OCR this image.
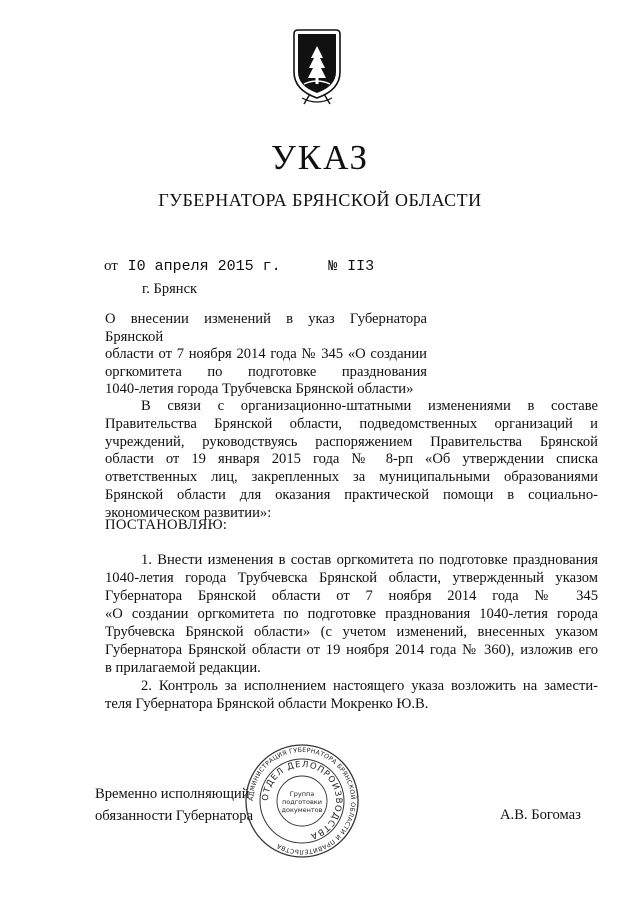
УКАЗ
ГУБЕРНАТОРА БРЯНСКОЙ ОБЛАСТИ
от I0 апреля 2015 г.	№ II3
г. Брянск

О внесении изменений в указ Губернатора Брянской

области от 7 ноября 2014 года № 345 «О создании

оргкомитета по подготовке празднования

1040-летия города Трубчевска Брянской области»

В связи с организационно-штатными изменениями в составе

Правительства Брянской области, подведомственных организаций и

учреждений, руководствуясь распоряжением Правительства Брянской

области от 19 января 2015 года № 8-рп «Об утверждении списка

ответственных лиц, закрепленных за муниципальными образованиями

Брянской области для оказания практической помощи в социально-

экономическом развитии»:

ПОСТАНОВЛЯЮ:

1. Внести изменения в состав оргкомитета по подготовке празднования

1040-летия города Трубчевска Брянской области, утвержденный указом

Губернатора Брянской области от 7 ноября 2014 года № 345

«О создании оргкомитета по подготовке празднования 1040-летия города

Трубчевска Брянской области» (с учетом изменений, внесенных указом

Губернатора Брянской области от 19 ноября 2014 года № 360), изложив его

в прилагаемой редакции.

2. Контроль за исполнением настоящего указа возложить на замести-

теля Губернатора Брянской области Мокренко Ю.В.

Временно исполняющий
обязанности Губернатора	А.В. Богомаз
АДМИНИСТРАЦИЯ ГУБЕРНАТОРА БРЯНСКОЙ ОБЛАСТИ И ПРАВИТЕЛЬСТВА
ОТДЕЛ ДЕЛОПРОИЗВОДСТВА
Группа
подготовки
документов
